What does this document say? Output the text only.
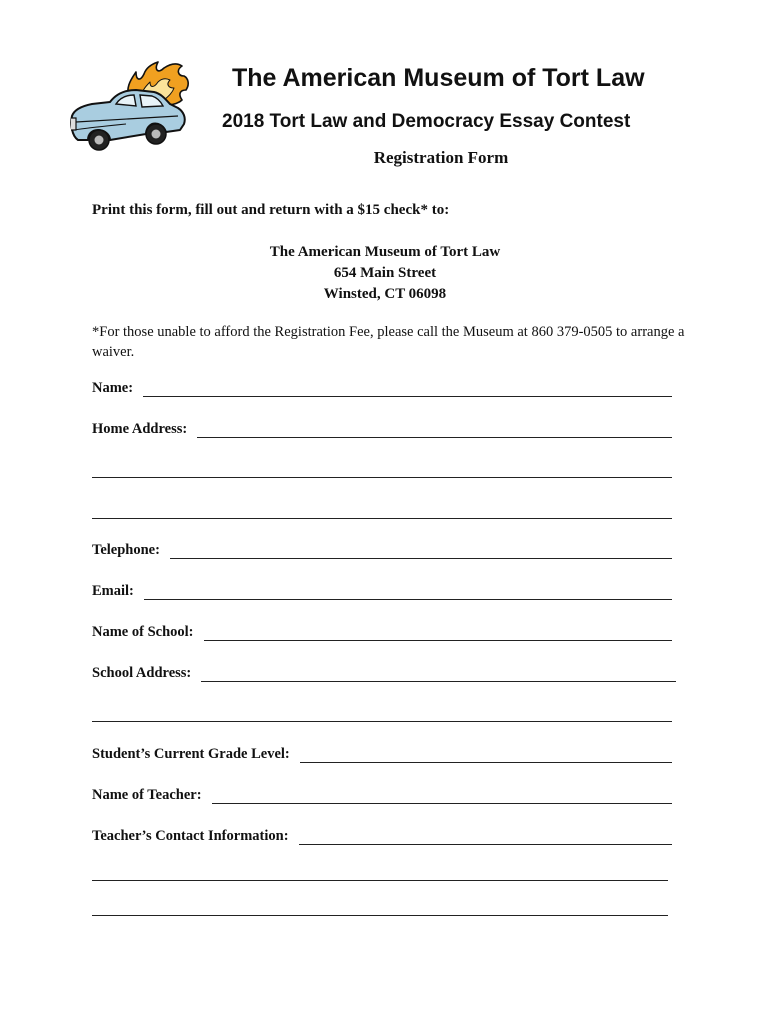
The American Museum of Tort Law
2018 Tort Law and Democracy Essay Contest
Registration Form
Print this form, fill out and return with a $15 check* to:
The American Museum of Tort Law
654 Main Street
Winsted, CT 06098
*For those unable to afford the Registration Fee, please call the Museum at 860 379-0505 to arrange a waiver.
Name:
Home Address:
Telephone:
Email:
Name of School:
School Address:
Student’s Current Grade Level:
Name of Teacher:
Teacher’s Contact Information:
